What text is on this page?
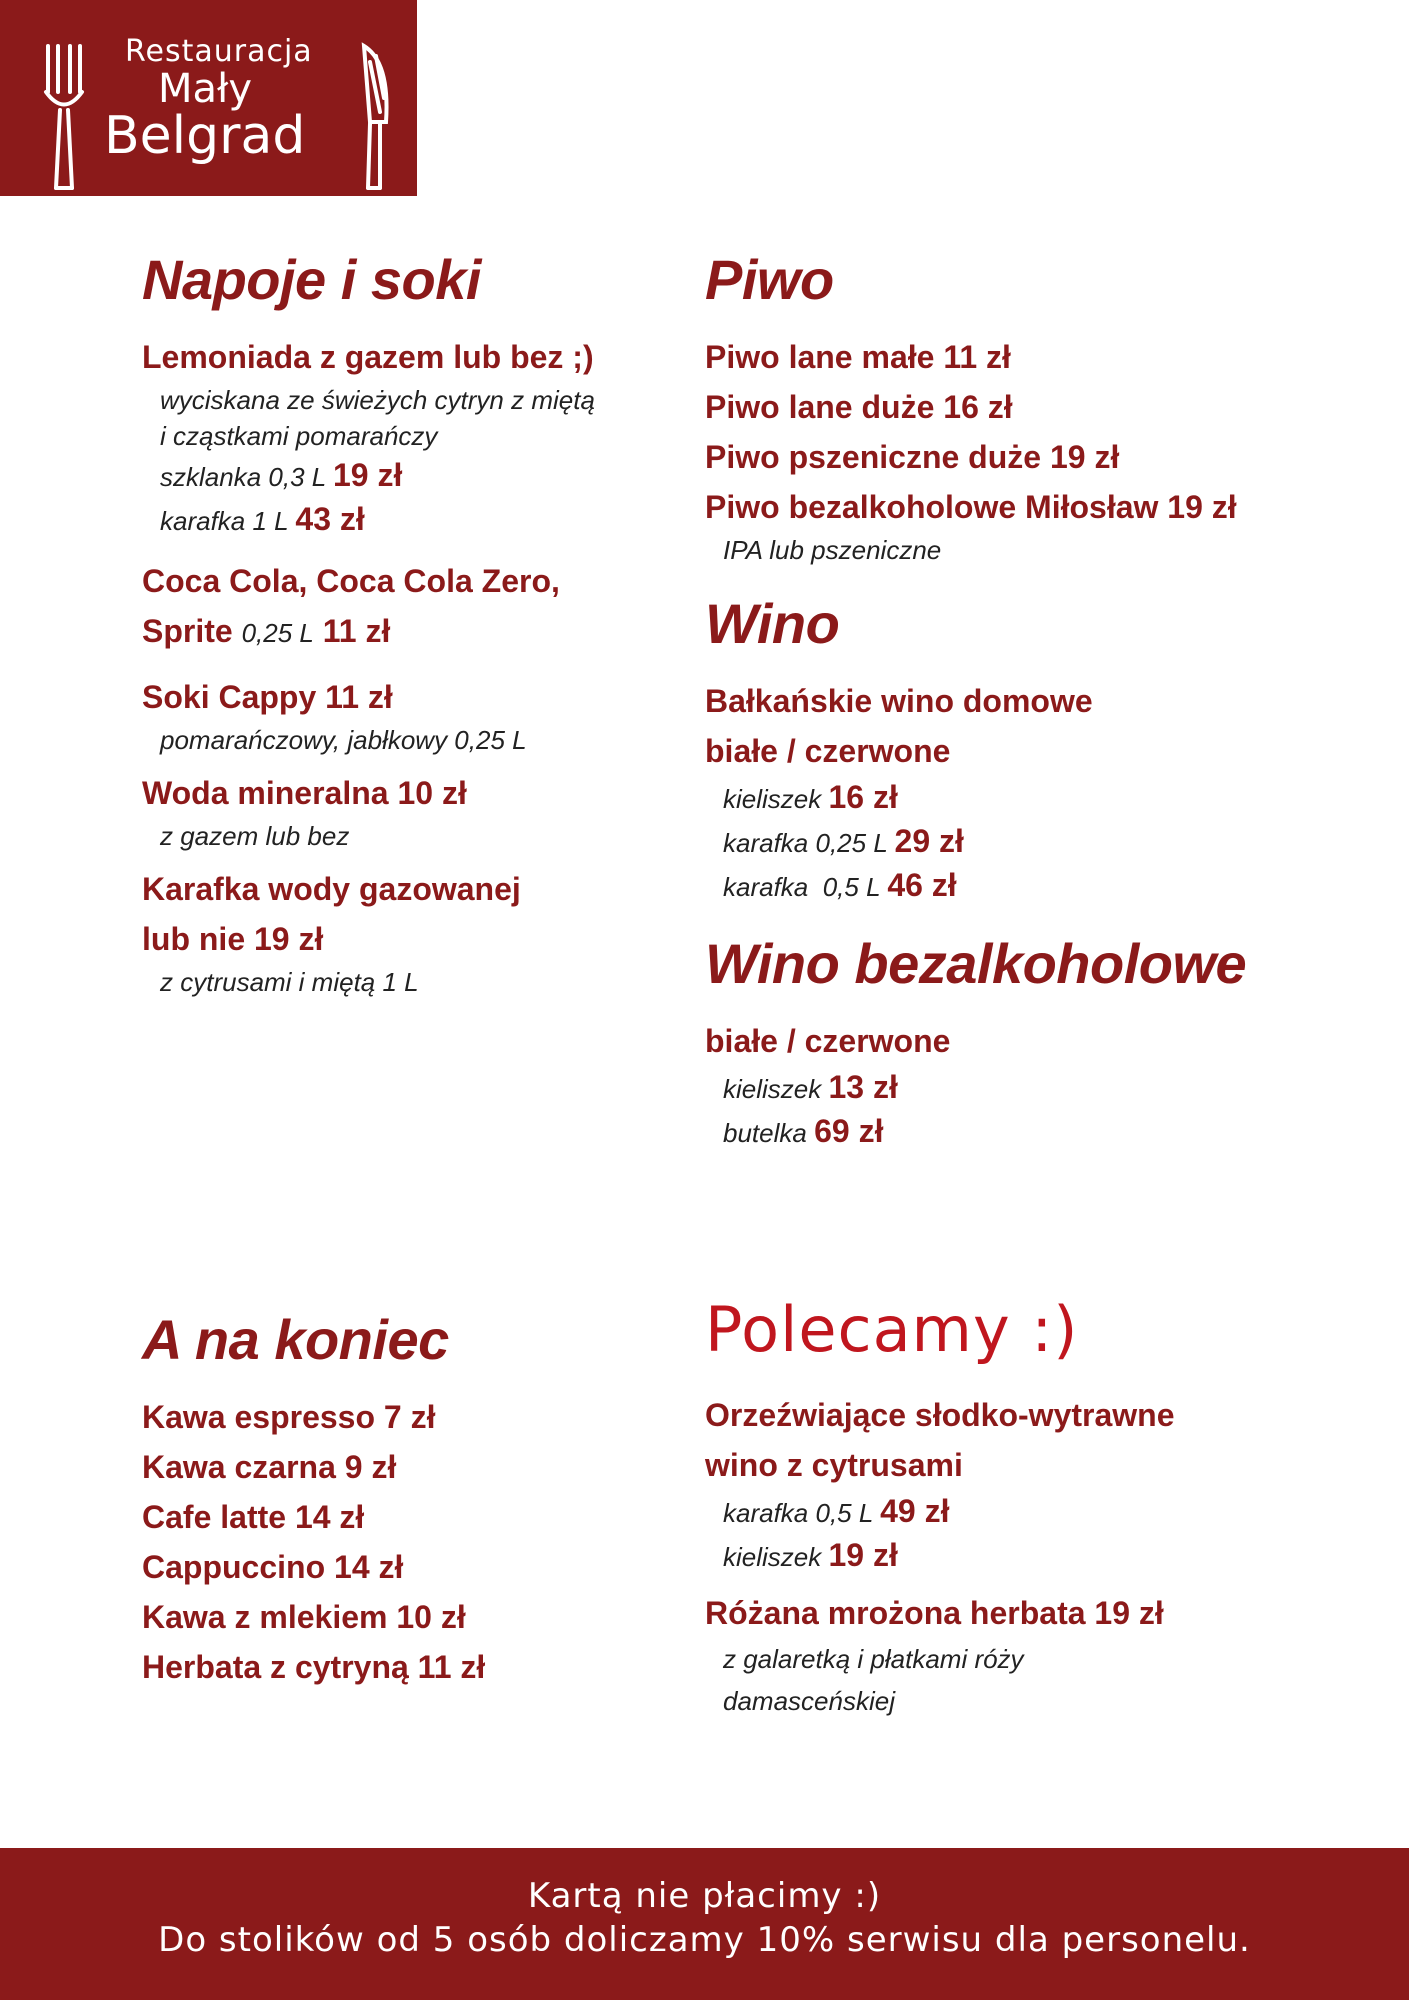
Restauracja
Mały
Belgrad
Napoje i soki
Lemoniada z gazem lub bez ;)
wyciskana ze świeżych cytryn z miętą
i cząstkami pomarańczy
szklanka 0,3 L 19 zł
karafka 1 L 43 zł
Coca Cola, Coca Cola Zero,
Sprite 0,25 L 11 zł
Soki Cappy 11 zł
pomarańczowy, jabłkowy 0,25 L
Woda mineralna 10 zł
z gazem lub bez
Karafka wody gazowanej
lub nie 19 zł
z cytrusami i miętą 1 L
Piwo
Piwo lane małe 11 zł
Piwo lane duże 16 zł
Piwo pszeniczne duże 19 zł
Piwo bezalkoholowe Miłosław 19 zł
IPA lub pszeniczne
Wino
Bałkańskie wino domowe
białe / czerwone
kieliszek 16 zł
karafka 0,25 L 29 zł
karafka  0,5 L 46 zł
Wino bezalkoholowe
białe / czerwone
kieliszek 13 zł
butelka 69 zł
A na koniec
Kawa espresso 7 zł
Kawa czarna 9 zł
Cafe latte 14 zł
Cappuccino 14 zł
Kawa z mlekiem 10 zł
Herbata z cytryną 11 zł
Polecamy :)
Orzeźwiające słodko-wytrawne
wino z cytrusami
karafka 0,5 L 49 zł
kieliszek 19 zł
Różana mrożona herbata 19 zł
z galaretką i płatkami róży
damasceńskiej
Kartą nie płacimy :)
Do stolików od 5 osób doliczamy 10% serwisu dla personelu.
